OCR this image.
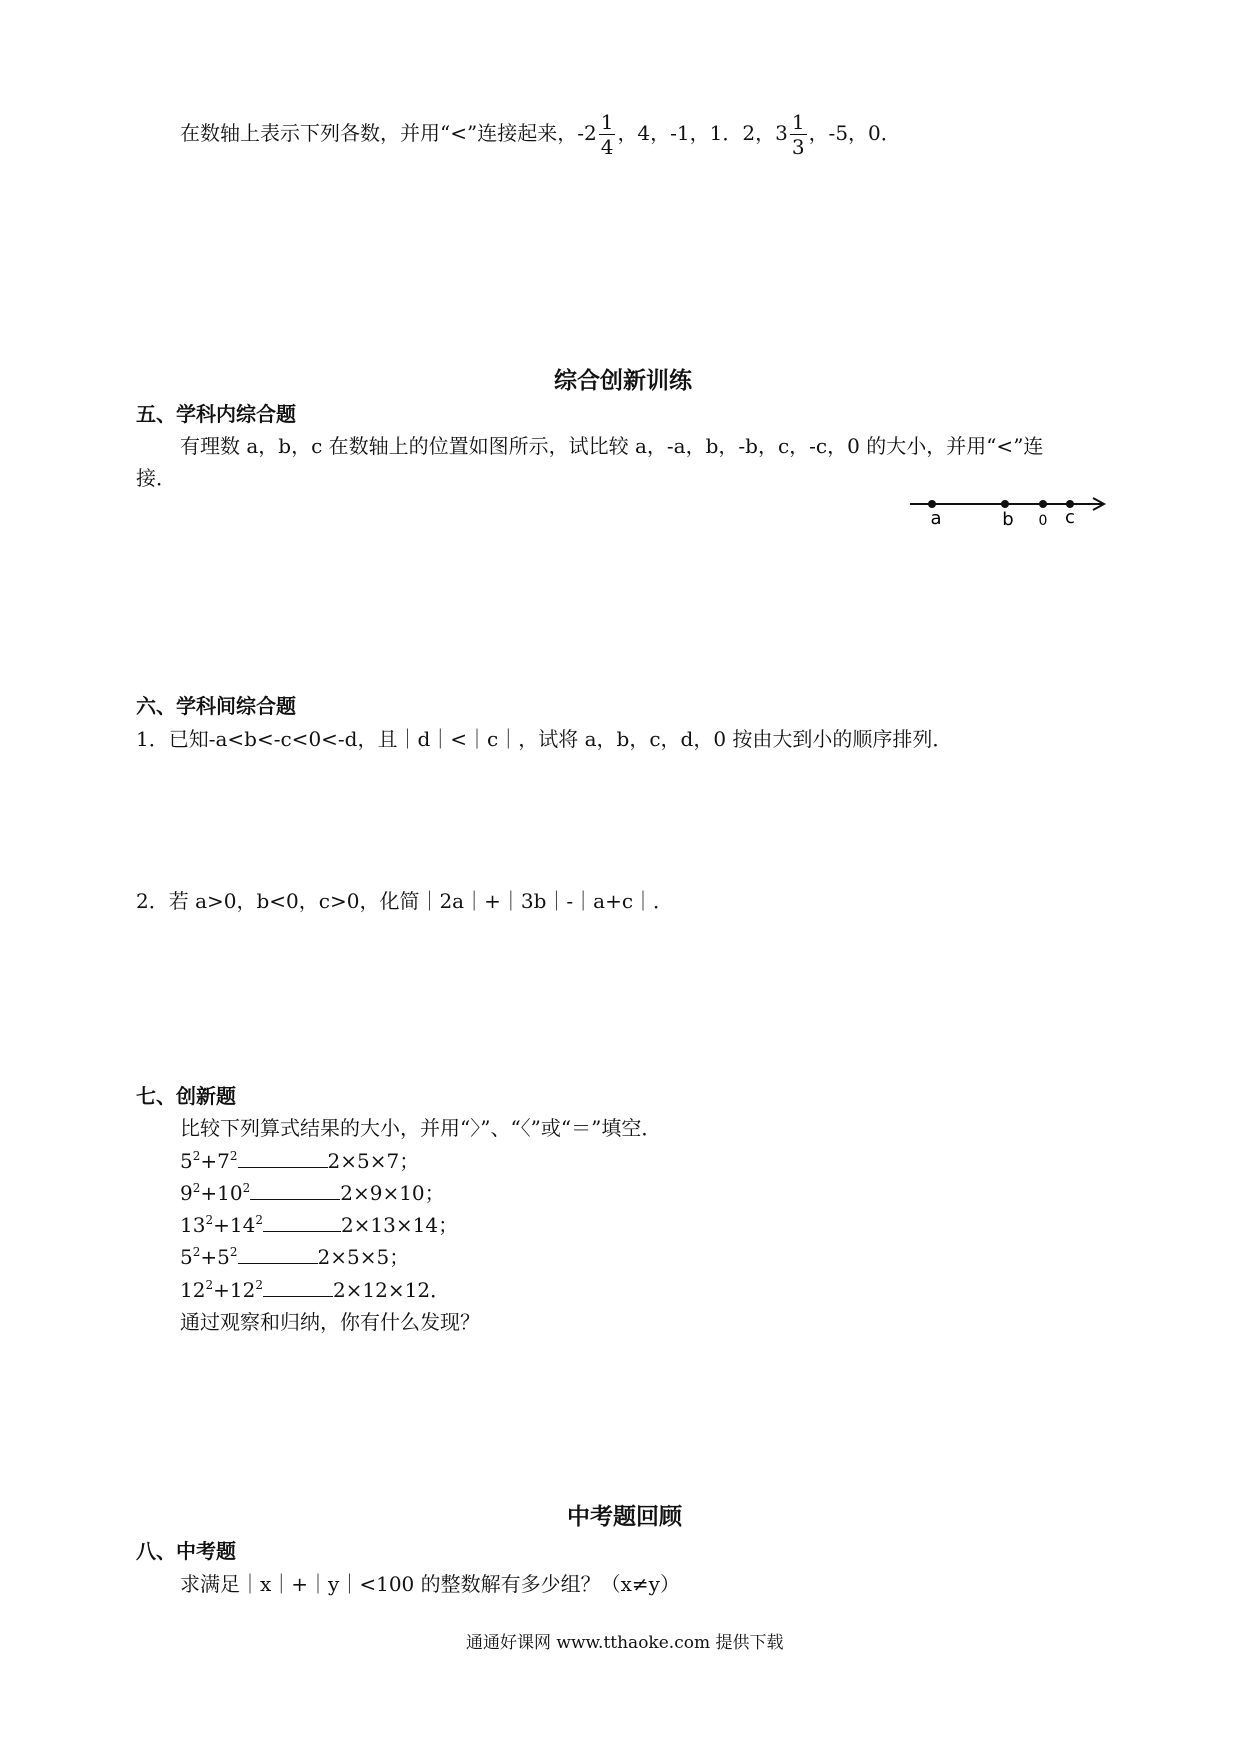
在数轴上表示下列各数，并用“<”连接起来，$-2 \frac{1}{4}$ ，4，-1，1．2，$3 \frac{1}{3}$ ，-5，0．
综合创新训练
五、学科内综合题
有理数 a，b，c 在数轴上的位置如图所示，试比较 a，-a，b，-b，c，-c，0 的大小，并用“<”连
接．
a	b 0 c
六、学科间综合题
1．已知-a<b<-c<0<-d，且｜d｜<｜c｜，试将 a，b，c，d，0 按由大到小的顺序排列．
2．若 a>0，b<0，c>0，化简｜2a｜+｜3b｜-｜a+c｜．
七、创新题
比较下列算式结果的大小，并用“〉”、“〈”或“＝”填空．
$5^2+7^2$	2×5×7；
$9^2+10^2$	2×9×10；
$13^2+14^2$	2×13×14；
$5^2+5^2$	2×5×5；
$12^2+12^2$	2×12×12．
通过观察和归纳，你有什么发现？
中考题回顾
八、中考题
求满足｜x｜+｜y｜<100 的整数解有多少组？（x≠y）
通通好课网 www.tthaoke.com 提供下载
